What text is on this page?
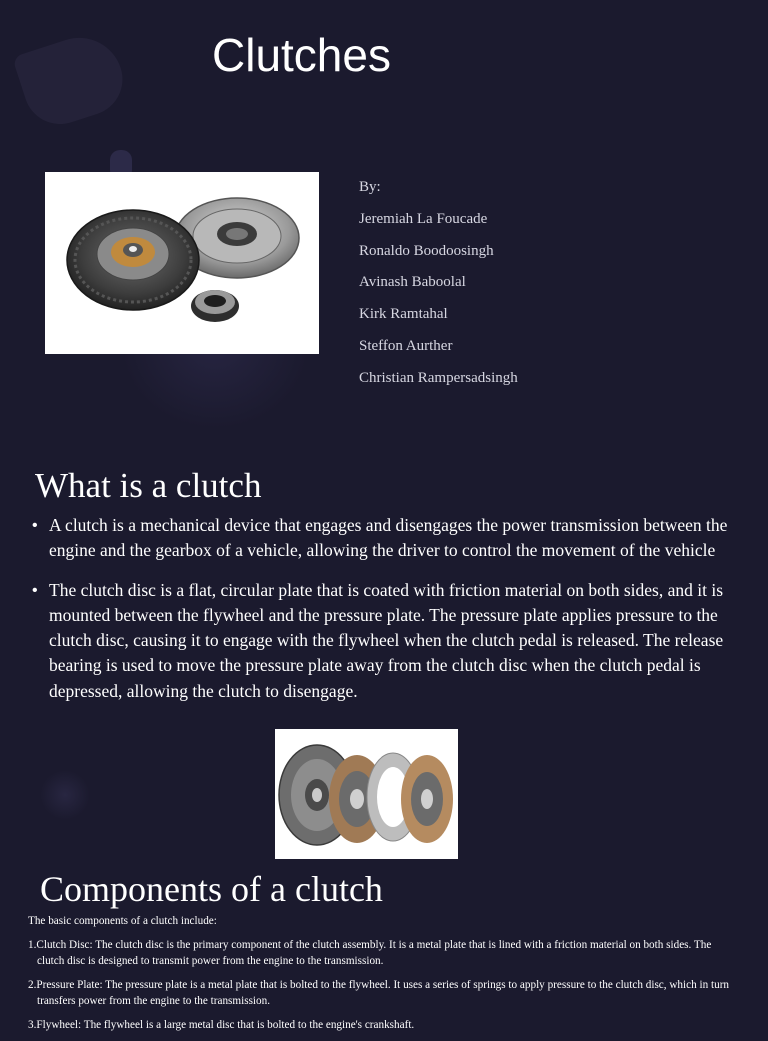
Clutches
By:
Jeremiah La Foucade
Ronaldo Boodoosingh
Avinash Baboolal
Kirk Ramtahal
Steffon Aurther
Christian Rampersadsingh
What is a clutch
• A clutch is a mechanical device that engages and disengages the power transmission between the engine and the gearbox of a vehicle, allowing the driver to control the movement of the vehicle
• The clutch disc is a flat, circular plate that is coated with friction material on both sides, and it is mounted between the flywheel and the pressure plate. The pressure plate applies pressure to the clutch disc, causing it to engage with the flywheel when the clutch pedal is released. The release bearing is used to move the pressure plate away from the clutch disc when the clutch pedal is depressed, allowing the clutch to disengage.
Components of a clutch
The basic components of a clutch include:
1.Clutch Disc: The clutch disc is the primary component of the clutch assembly. It is a metal plate that is lined with a friction material on both sides. The clutch disc is designed to transmit power from the engine to the transmission.
2.Pressure Plate: The pressure plate is a metal plate that is bolted to the flywheel. It uses a series of springs to apply pressure to the clutch disc, which in turn transfers power from the engine to the transmission.
3.Flywheel: The flywheel is a large metal disc that is bolted to the engine's crankshaft.
